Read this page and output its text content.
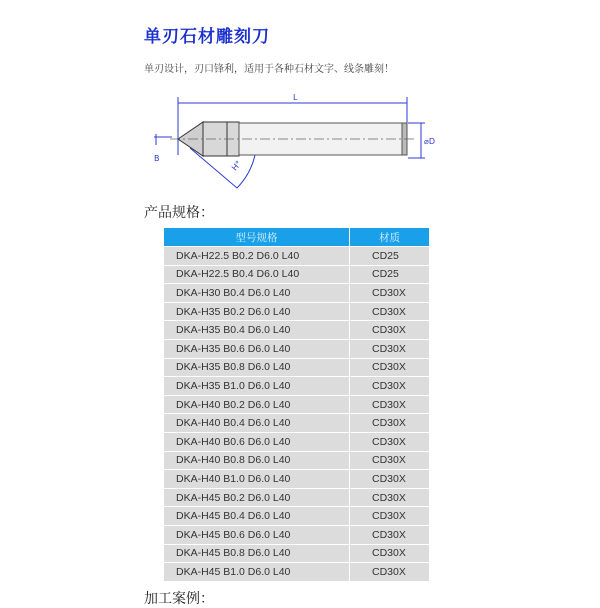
单刃石材雕刻刀
单刃设计，刃口锋利，适用于各种石材文字、线条雕刻！
L
⌀D
B
H°
产品规格：
型号规格	材质
DKA-H22.5 B0.2 D6.0 L40	CD25
DKA-H22.5 B0.4 D6.0 L40	CD25
DKA-H30 B0.4 D6.0 L40	CD30X
DKA-H35 B0.2 D6.0 L40	CD30X
DKA-H35 B0.4 D6.0 L40	CD30X
DKA-H35 B0.6 D6.0 L40	CD30X
DKA-H35 B0.8 D6.0 L40	CD30X
DKA-H35 B1.0 D6.0 L40	CD30X
DKA-H40 B0.2 D6.0 L40	CD30X
DKA-H40 B0.4 D6.0 L40	CD30X
DKA-H40 B0.6 D6.0 L40	CD30X
DKA-H40 B0.8 D6.0 L40	CD30X
DKA-H40 B1.0 D6.0 L40	CD30X
DKA-H45 B0.2 D6.0 L40	CD30X
DKA-H45 B0.4 D6.0 L40	CD30X
DKA-H45 B0.6 D6.0 L40	CD30X
DKA-H45 B0.8 D6.0 L40	CD30X
DKA-H45 B1.0 D6.0 L40	CD30X
加工案例：
